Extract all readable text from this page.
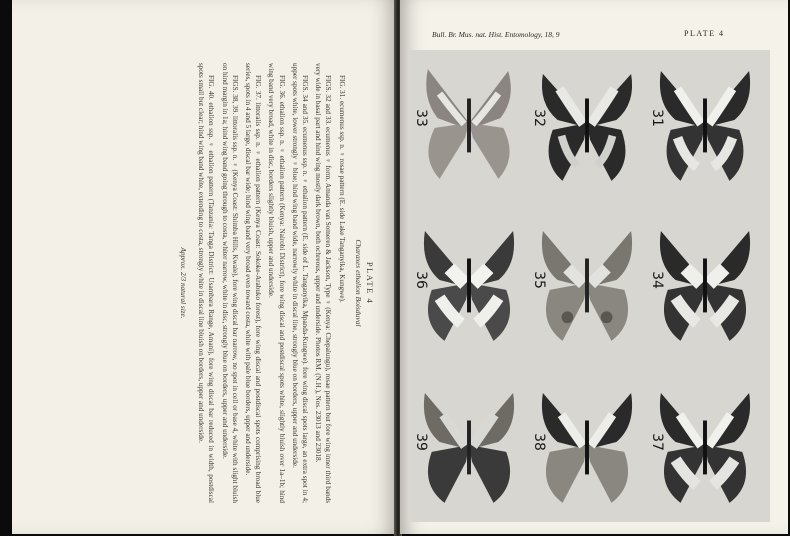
PLATE 4
Charaxes ethalion Boisduval

FIG. 31. ecumenus ssp. n. ♀ rosae pattern (E. side Lake Tanganyika, Kungwe).

FIGS. 32 and 33. ecumenus ♀ form. Amanda van Someren & Jackson, Type ♀ (Kenya: Chepalungu), rosae pattern but fore wing inner third bands very wide in basal part and hind wing mostly dark brown, both ochreous, upper and underside. Photos RM. (N.H.), Nos. 23013 and 23018.

FIGS. 34 and 35. ecumenus ssp. n. ♀ ethalion pattern (E. side of L. Tanganyika, Mpanda-Kungwe). fore wing discal spots large, an extra spot in 4; upper spots white, lower strongly ♀ blue; hind wing band wide, narrowly white in discal line, strongly blue on borders, upper and underside.

FIG. 36. ethalion ssp. n. ♀ ethalion pattern (Kenya: Nairobi District), fore wing discal and postdiscal spots white, slightly bluish over 1a–1b; hind wing band very broad, white in disc, borders slightly bluish, upper and underside.

FIG. 37. littoralis ssp. n. ♀ ethalion pattern (Kenya Coast: Sokoke-Arabuko forest), fore wing discal and postdiscal spots comprising broad blue series, spots in 4 and 5 large, discal bar wide; hind wing band very broad even toward costa, white with pale blue borders, upper and underside.

FIGS. 38, 39. littoralis ssp. n. ♀ (Kenya Coast: Shimba Hills, Kwale), fore wing discal bar narrow, no spot in cell or base 4, white with slight bluish on hind margin in 1a; hind wing band going through to costa, whiter narrow, white in disc, strongly blue on borders, upper and underside.

FIG. 40. ethalion ssp. ♀ ethalion pattern (Tanzania: Tanga District: Usambara Range, Amani), fore wing discal bar reduced in width, postdiscal spots small but clear; hind wing band white, extending to costa, strongly white in discal line bluish on borders, upper and underside.

Approx. 2/3 natural size.
Bull. Br. Mus. nat. Hist. Entomology, 18, 9	PLATE 4
33	32	31
36	35	34
39	38	37
